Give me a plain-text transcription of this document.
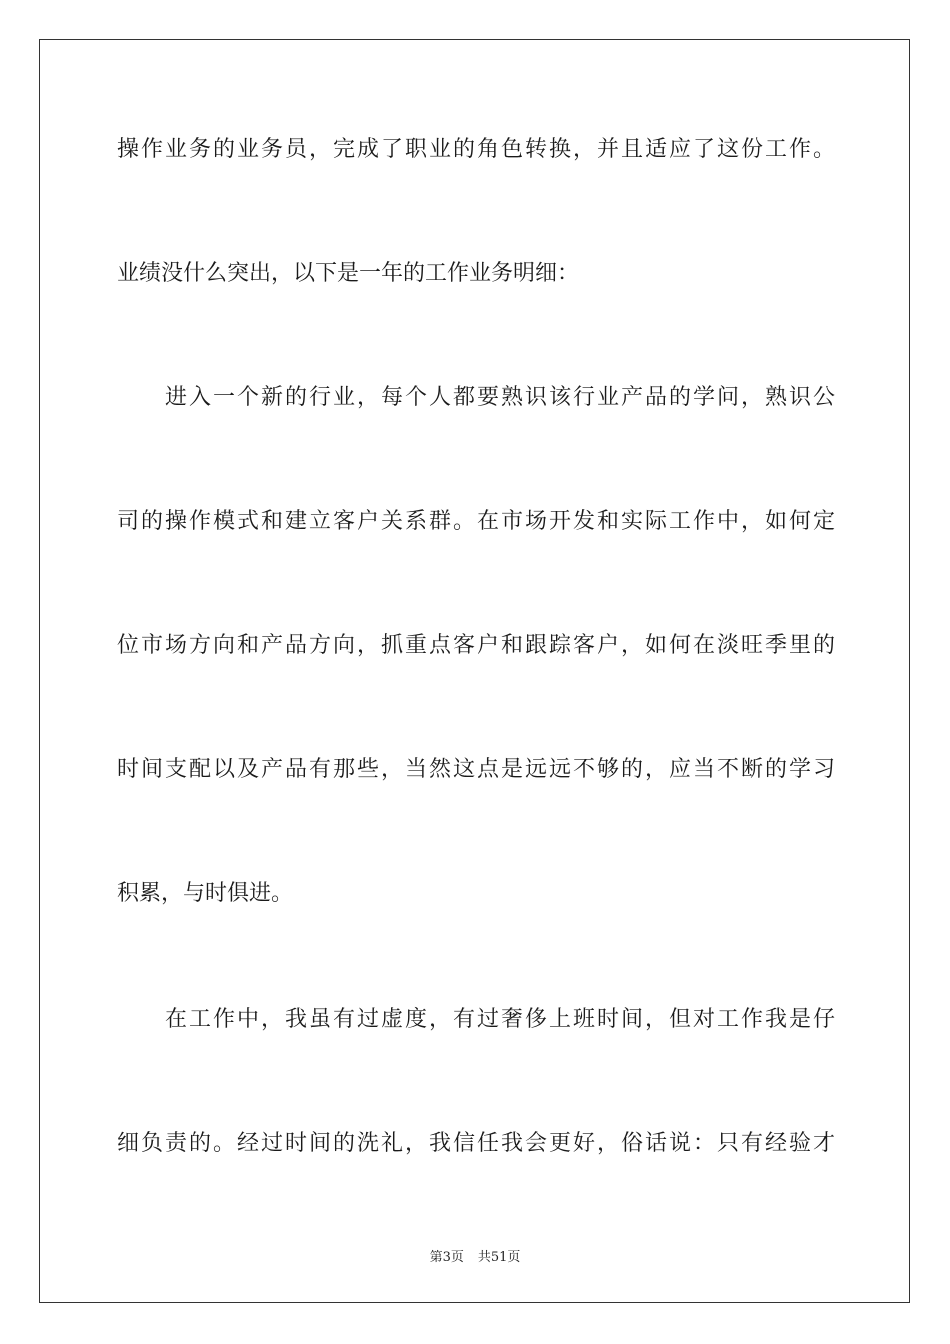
操作业务的业务员，完成了职业的角色转换，并且适应了这份工作。
业绩没什么突出，以下是一年的工作业务明细：
进入一个新的行业，每个人都要熟识该行业产品的学问，熟识公
司的操作模式和建立客户关系群。在市场开发和实际工作中，如何定
位市场方向和产品方向，抓重点客户和跟踪客户，如何在淡旺季里的
时间支配以及产品有那些，当然这点是远远不够的，应当不断的学习
积累，与时俱进。
在工作中，我虽有过虚度，有过奢侈上班时间，但对工作我是仔
细负责的。经过时间的洗礼，我信任我会更好，俗话说：只有经验才
第3页 共51页
